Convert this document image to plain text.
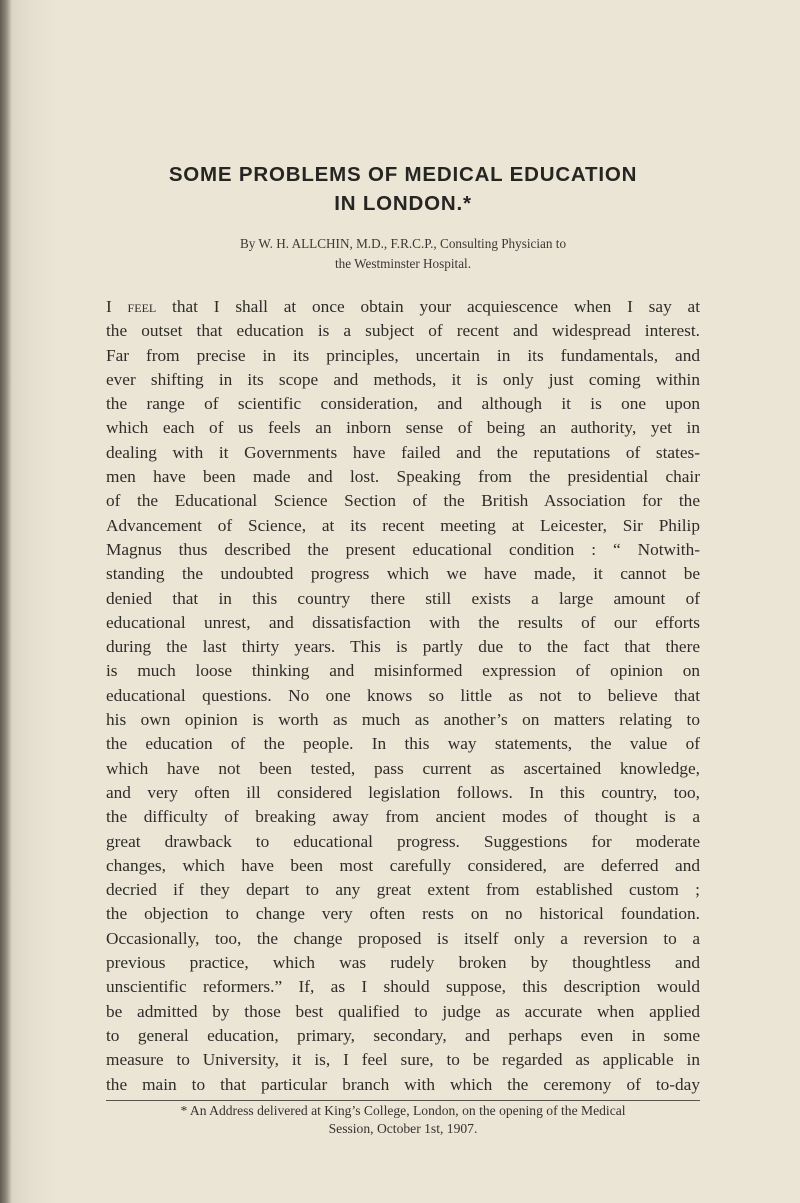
SOME PROBLEMS OF MEDICAL EDUCATION
IN LONDON.*
By W. H. ALLCHIN, M.D., F.R.C.P., Consulting Physician to
the Westminster Hospital.
I feel that I shall at once obtain your acquiescence when I say at
the outset that education is a subject of recent and widespread interest.
Far from precise in its principles, uncertain in its fundamentals, and
ever shifting in its scope and methods, it is only just coming within
the range of scientific consideration, and although it is one upon
which each of us feels an inborn sense of being an authority, yet in
dealing with it Governments have failed and the reputations of states-
men have been made and lost. Speaking from the presidential chair
of the Educational Science Section of the British Association for the
Advancement of Science, at its recent meeting at Leicester, Sir Philip
Magnus thus described the present educational condition : “ Notwith-
standing the undoubted progress which we have made, it cannot be
denied that in this country there still exists a large amount of
educational unrest, and dissatisfaction with the results of our efforts
during the last thirty years. This is partly due to the fact that there
is much loose thinking and misinformed expression of opinion on
educational questions. No one knows so little as not to believe that
his own opinion is worth as much as another’s on matters relating to
the education of the people. In this way statements, the value of
which have not been tested, pass current as ascertained knowledge,
and very often ill considered legislation follows. In this country, too,
the difficulty of breaking away from ancient modes of thought is a
great drawback to educational progress. Suggestions for moderate
changes, which have been most carefully considered, are deferred and
decried if they depart to any great extent from established custom ;
the objection to change very often rests on no historical foundation.
Occasionally, too, the change proposed is itself only a reversion to a
previous practice, which was rudely broken by thoughtless and
unscientific reformers.” If, as I should suppose, this description would
be admitted by those best qualified to judge as accurate when applied
to general education, primary, secondary, and perhaps even in some
measure to University, it is, I feel sure, to be regarded as applicable in
the main to that particular branch with which the ceremony of to-day
* An Address delivered at King’s College, London, on the opening of the Medical
Session, October 1st, 1907.
